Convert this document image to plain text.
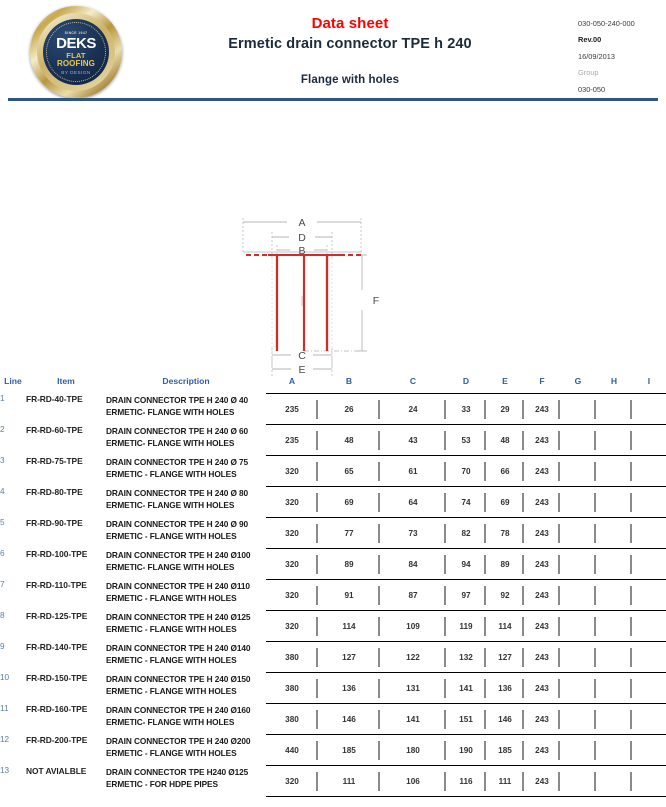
SINCE 1947
DEKS
FLAT
ROOFING
BY DESIGN
Data sheet
Ermetic drain connector TPE h 240
Flange with holes
030-050-240-000
Rev.00
16/09/2013
Group
030-050
A
D
B
C
E
F
Line	Item	Description	A	B	C	D	E	F	G	H	I
1	FR-RD-40-TPE	DRAIN CONNECTOR TPE H 240 Ø 40
ERMETIC- FLANGE WITH HOLES	235	26	24	33	29	243			

2	FR-RD-60-TPE	DRAIN CONNECTOR TPE H 240 Ø 60
ERMETIC- FLANGE WITH HOLES	235	48	43	53	48	243			

3	FR-RD-75-TPE	DRAIN CONNECTOR TPE H 240 Ø 75
ERMETIC - FLANGE WITH HOLES	320	65	61	70	66	243			

4	FR-RD-80-TPE	DRAIN CONNECTOR TPE H 240 Ø 80
ERMETIC- FLANGE WITH HOLES	320	69	64	74	69	243			

5	FR-RD-90-TPE	DRAIN CONNECTOR TPE H 240 Ø 90
ERMETIC - FLANGE WITH HOLES	320	77	73	82	78	243			

6	FR-RD-100-TPE	DRAIN CONNECTOR TPE H 240 Ø100
ERMETIC- FLANGE WITH HOLES	320	89	84	94	89	243			

7	FR-RD-110-TPE	DRAIN CONNECTOR TPE H 240 Ø110
ERMETIC - FLANGE WITH HOLES	320	91	87	97	92	243			

8	FR-RD-125-TPE	DRAIN CONNECTOR TPE H 240 Ø125
ERMETIC - FLANGE WITH HOLES	320	114	109	119	114	243			

9	FR-RD-140-TPE	DRAIN CONNECTOR TPE H 240 Ø140
ERMETIC - FLANGE WITH HOLES	380	127	122	132	127	243			

10	FR-RD-150-TPE	DRAIN CONNECTOR TPE H 240 Ø150
ERMETIC - FLANGE WITH HOLES	380	136	131	141	136	243			

11	FR-RD-160-TPE	DRAIN CONNECTOR TPE H 240 Ø160
ERMETIC- FLANGE WITH HOLES	380	146	141	151	146	243			

12	FR-RD-200-TPE	DRAIN CONNECTOR TPE H 240 Ø200
ERMETIC - FLANGE WITH HOLES	440	185	180	190	185	243			

13	NOT AVIALBLE	DRAIN CONNECTOR TPE H240 Ø125
ERMETIC - FOR HDPE PIPES	320	111	106	116	111	243			
